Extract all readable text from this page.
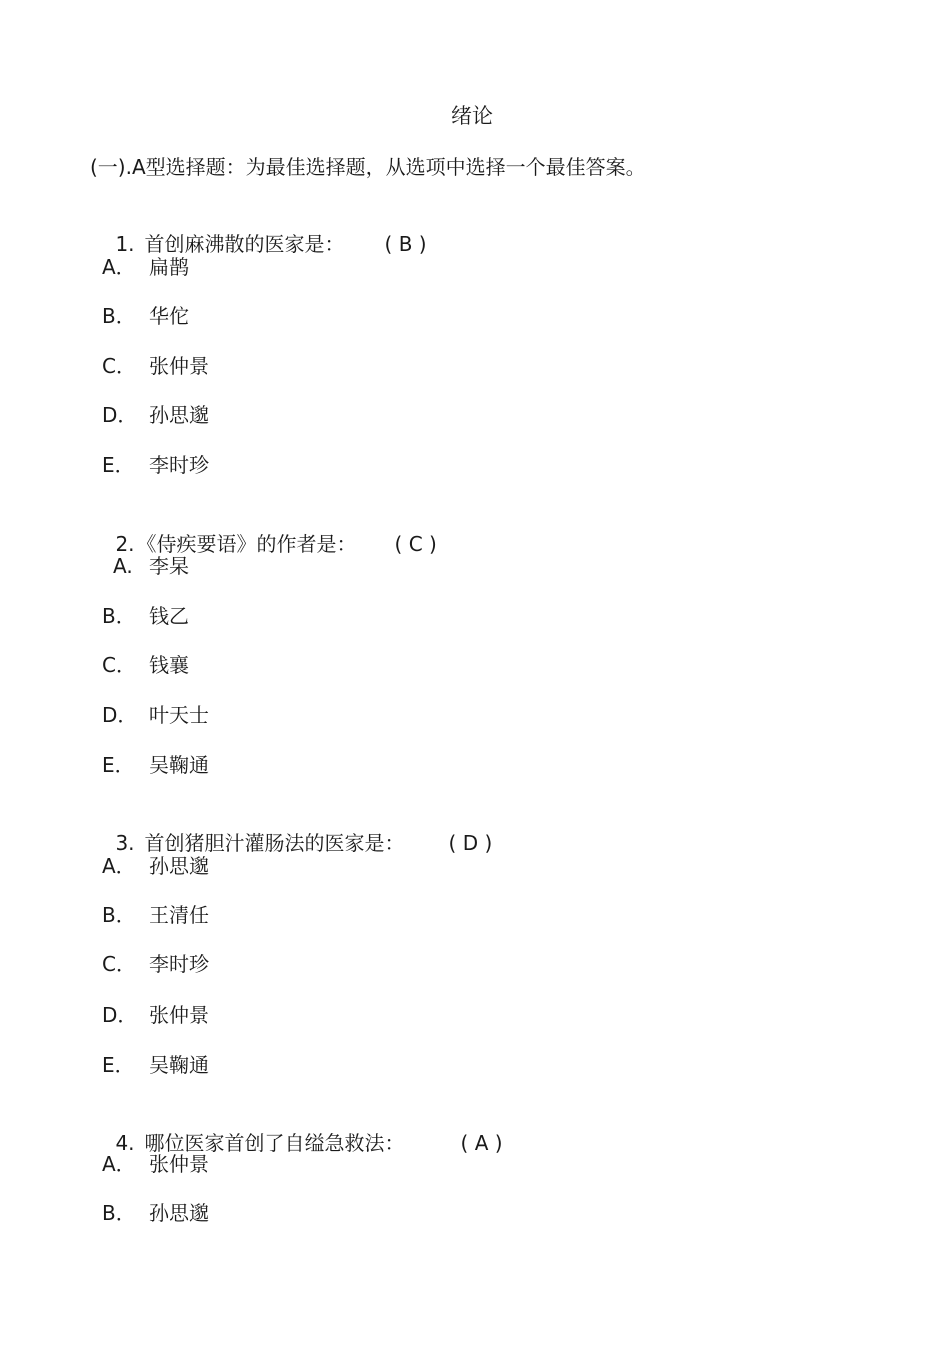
绪论
(一).A型选择题：为最佳选择题，从选项中选择一个最佳答案。

1. 首创麻沸散的医家是： ( B )

A． 扁鹊
B． 华佗
C． 张仲景
D． 孙思邈
E． 李时珍

2. 《侍疾要语》的作者是： ( C )

A. 李杲
B． 钱乙
C． 钱襄
D． 叶天士
E． 吴鞠通

3. 首创猪胆汁灌肠法的医家是： ( D )

A． 孙思邈
B． 王清任
C． 李时珍
D． 张仲景
E． 吴鞠通

4. 哪位医家首创了自缢急救法：	( A )

A． 张仲景
B． 孙思邈
